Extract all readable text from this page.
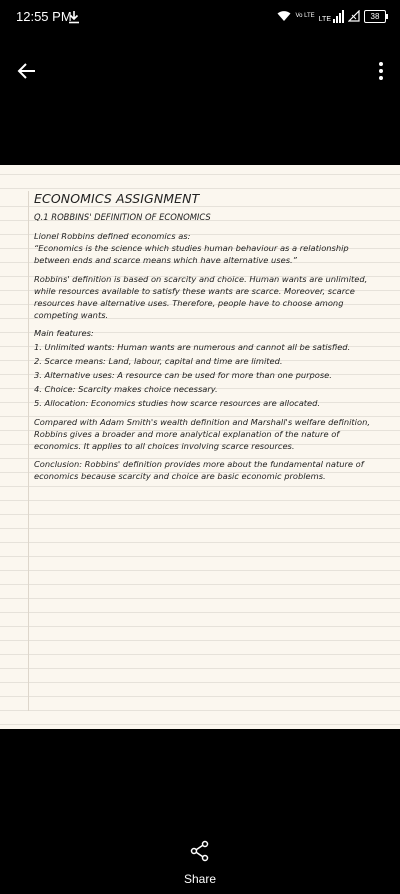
12:55 PM	Vo LTE LTE	38
ECONOMICS ASSIGNMENT
Q.1 ROBBINS' DEFINITION OF ECONOMICS
Lionel Robbins defined economics as:
“Economics is the science which studies human behaviour as a relationship between ends and scarce means which have alternative uses.”
Robbins' definition is based on scarcity and choice. Human wants are unlimited, while resources available to satisfy these wants are scarce. Moreover, scarce resources have alternative uses. Therefore, people have to choose among competing wants.
Main features:
1. Unlimited wants: Human wants are numerous and cannot all be satisfied.
2. Scarce means: Land, labour, capital and time are limited.
3. Alternative uses: A resource can be used for more than one purpose.
4. Choice: Scarcity makes choice necessary.
5. Allocation: Economics studies how scarce resources are allocated.
Compared with Adam Smith's wealth definition and Marshall's welfare definition, Robbins gives a broader and more analytical explanation of the nature of economics. It applies to all choices involving scarce resources.
Conclusion: Robbins' definition provides more about the fundamental nature of economics because scarcity and choice are basic economic problems.
Share
